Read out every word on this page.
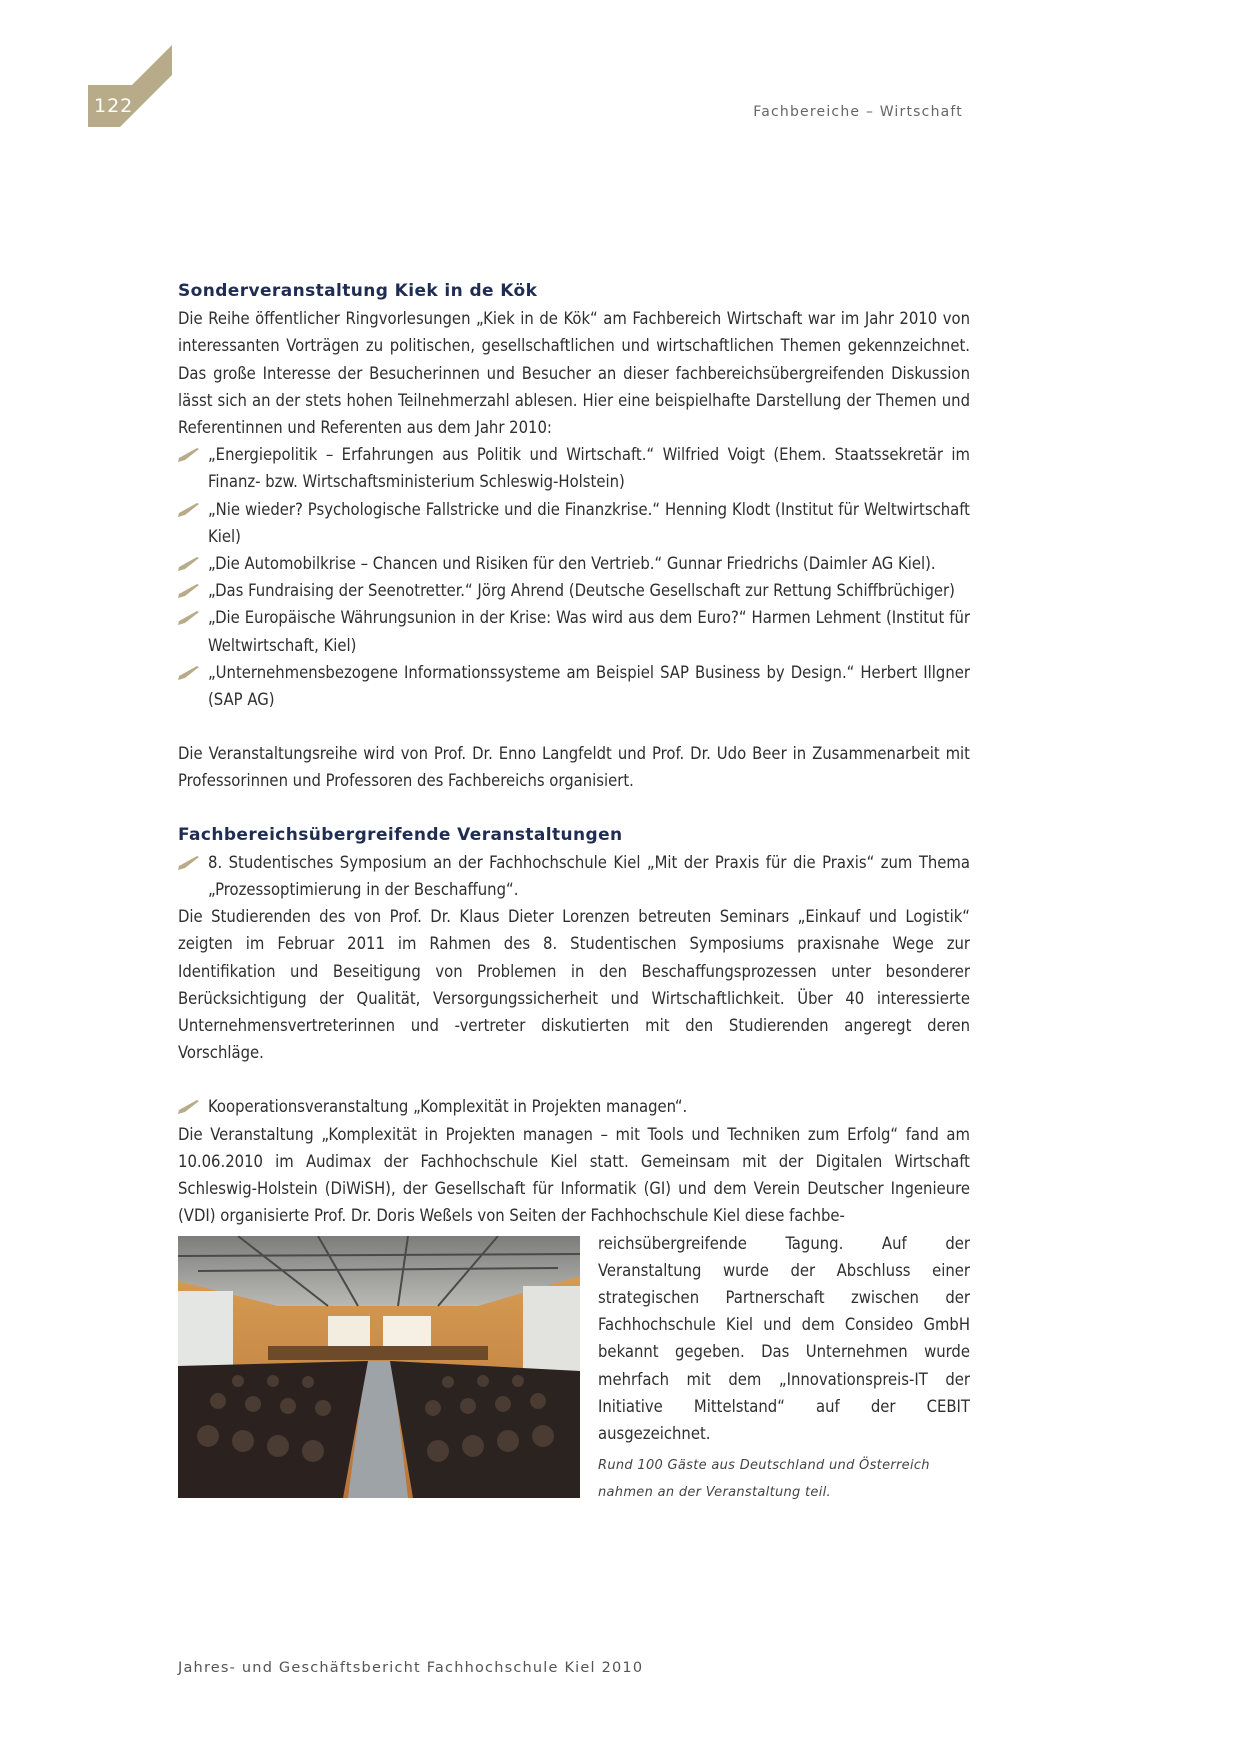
122	Fachbereiche – Wirtschaft
Sonderveranstaltung Kiek in de Kök

Die Reihe öffentlicher Ringvorlesungen „Kiek in de Kök“ am Fachbereich Wirtschaft war im Jahr 2010 von interessanten Vorträgen zu politischen, gesellschaftlichen und wirtschaftlichen Themen gekennzeichnet. Das große Interesse der Besucherinnen und Besucher an dieser fachbereichsübergreifenden Diskussion lässt sich an der stets hohen Teilnehmerzahl ablesen. Hier eine beispielhafte Darstellung der Themen und Referentinnen und Referenten aus dem Jahr 2010:

„Energiepolitik – Erfahrungen aus Politik und Wirtschaft.“ Wilfried Voigt (Ehem. Staatssekretär im Finanz- bzw. Wirtschaftsministerium Schleswig-Holstein)
„Nie wieder? Psychologische Fallstricke und die Finanzkrise.“ Henning Klodt (Institut für Weltwirtschaft Kiel)
„Die Automobilkrise – Chancen und Risiken für den Vertrieb.“ Gunnar Friedrichs (Daimler AG Kiel).
„Das Fundraising der Seenotretter.“ Jörg Ahrend (Deutsche Gesellschaft zur Rettung Schiffbrüchiger)
„Die Europäische Währungsunion in der Krise: Was wird aus dem Euro?“ Harmen Lehment (Institut für Weltwirtschaft, Kiel)
„Unternehmensbezogene Informationssysteme am Beispiel SAP Business by Design.“ Herbert Illgner (SAP AG)

Die Veranstaltungsreihe wird von Prof. Dr. Enno Langfeldt und Prof. Dr. Udo Beer in Zusammenarbeit mit Professorinnen und Professoren des Fachbereichs organisiert.

Fachbereichsübergreifende Veranstaltungen
8. Studentisches Symposium an der Fachhochschule Kiel „Mit der Praxis für die Praxis“ zum Thema „Prozessoptimierung in der Beschaffung“.

Die Studierenden des von Prof. Dr. Klaus Dieter Lorenzen betreuten Seminars „Einkauf und Logistik“ zeigten im Februar 2011 im Rahmen des 8. Studentischen Symposiums praxisnahe Wege zur Identifikation und Beseitigung von Problemen in den Beschaffungsprozessen unter besonderer Berücksichtigung der Qualität, Versorgungssicherheit und Wirtschaftlichkeit. Über 40 interessierte Unternehmensvertreterinnen und -vertreter diskutierten mit den Studierenden angeregt deren Vorschläge.

Kooperationsveranstaltung „Komplexität in Projekten managen“.

Die Veranstaltung „Komplexität in Projekten managen – mit Tools und Techniken zum Erfolg“ fand am 10.06.2010 im Audimax der Fachhochschule Kiel statt. Gemeinsam mit der Digitalen Wirtschaft Schleswig-Holstein (DiWiSH), der Gesellschaft für Informatik (GI) und dem Verein Deutscher Ingenieure (VDI) organisierte Prof. Dr. Doris Weßels von Seiten der Fachhochschule Kiel diese fachbe-

reichsübergreifende Tagung. Auf der Veranstaltung wurde der Abschluss einer strategischen Partnerschaft zwischen der Fachhochschule Kiel und dem Consideo GmbH bekannt gegeben. Das Unternehmen wurde mehrfach mit dem „Innovationspreis-IT der Initiative Mittelstand“ auf der CEBIT ausgezeichnet.

Rund 100 Gäste aus Deutschland und Österreich nahmen an der Veranstaltung teil.
Jahres- und Geschäftsbericht Fachhochschule Kiel 2010
